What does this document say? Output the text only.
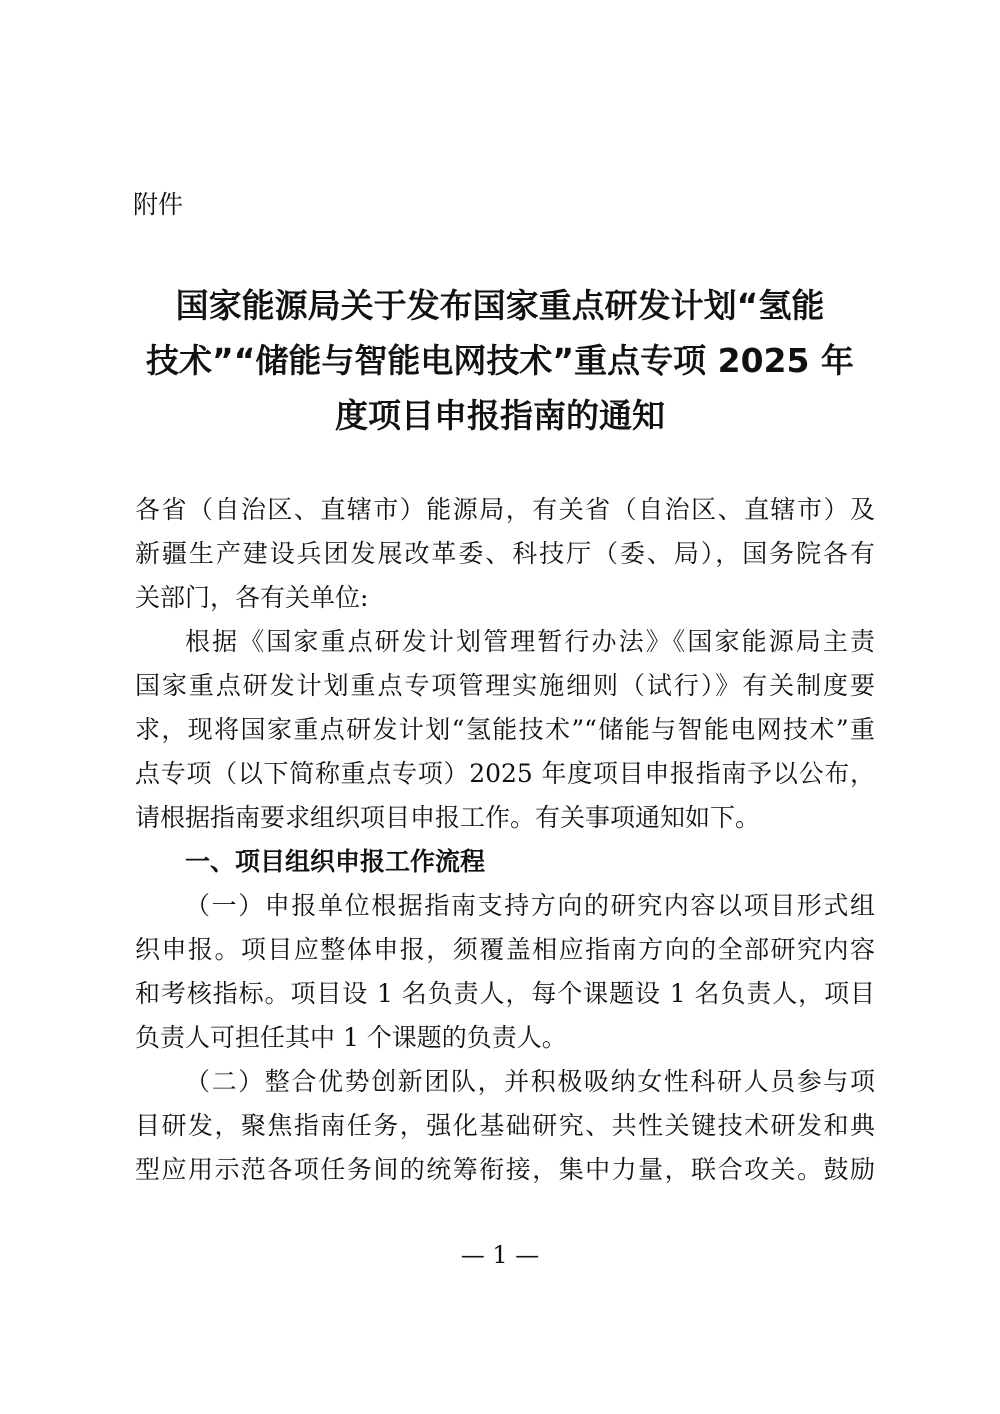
附件
国家能源局关于发布国家重点研发计划“氢能
技术”“储能与智能电网技术”重点专项 2025 年
度项目申报指南的通知
各省（自治区、直辖市）能源局，有关省（自治区、直辖市）及
新疆生产建设兵团发展改革委、科技厅（委、局），国务院各有
关部门，各有关单位:
根据《国家重点研发计划管理暂行办法》《国家能源局主责
国家重点研发计划重点专项管理实施细则（试行）》有关制度要
求，现将国家重点研发计划“氢能技术”“储能与智能电网技术”重
点专项（以下简称重点专项）2025 年度项目申报指南予以公布，
请根据指南要求组织项目申报工作。有关事项通知如下。
一、项目组织申报工作流程
（一）申报单位根据指南支持方向的研究内容以项目形式组
织申报。项目应整体申报，须覆盖相应指南方向的全部研究内容
和考核指标。项目设 1 名负责人，每个课题设 1 名负责人，项目
负责人可担任其中 1 个课题的负责人。
（二）整合优势创新团队，并积极吸纳女性科研人员参与项
目研发，聚焦指南任务，强化基础研究、共性关键技术研发和典
型应用示范各项任务间的统筹衔接，集中力量，联合攻关。鼓励
— 1 —
